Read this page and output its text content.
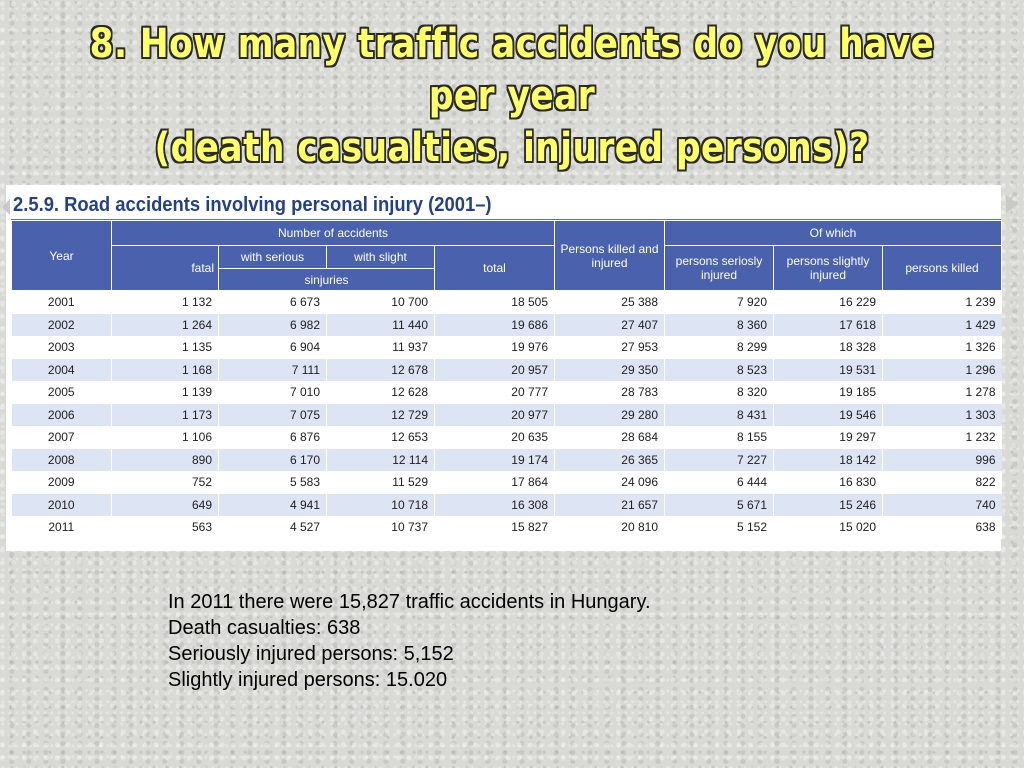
8. How many traffic accidents do you have per year
(death casualties, injured persons)?
2.5.9. Road accidents involving personal injury (2001–)
Year	Number of accidents				Persons killed and injured	Of which		
	fatal	with serious	with slight	total		persons seriosly injured	persons slightly injured	persons killed
		sinjuries						
2001	1 132	6 673	10 700	18 505	25 388	7 920	16 229	1 239
2002	1 264	6 982	11 440	19 686	27 407	8 360	17 618	1 429
2003	1 135	6 904	11 937	19 976	27 953	8 299	18 328	1 326
2004	1 168	7 111	12 678	20 957	29 350	8 523	19 531	1 296
2005	1 139	7 010	12 628	20 777	28 783	8 320	19 185	1 278
2006	1 173	7 075	12 729	20 977	29 280	8 431	19 546	1 303
2007	1 106	6 876	12 653	20 635	28 684	8 155	19 297	1 232
2008	890	6 170	12 114	19 174	26 365	7 227	18 142	996
2009	752	5 583	11 529	17 864	24 096	6 444	16 830	822
2010	649	4 941	10 718	16 308	21 657	5 671	15 246	740
2011	563	4 527	10 737	15 827	20 810	5 152	15 020	638
In 2011 there were 15,827 traffic accidents in Hungary.
Death casualties: 638
Seriously injured persons: 5,152
Slightly injured persons: 15.020
